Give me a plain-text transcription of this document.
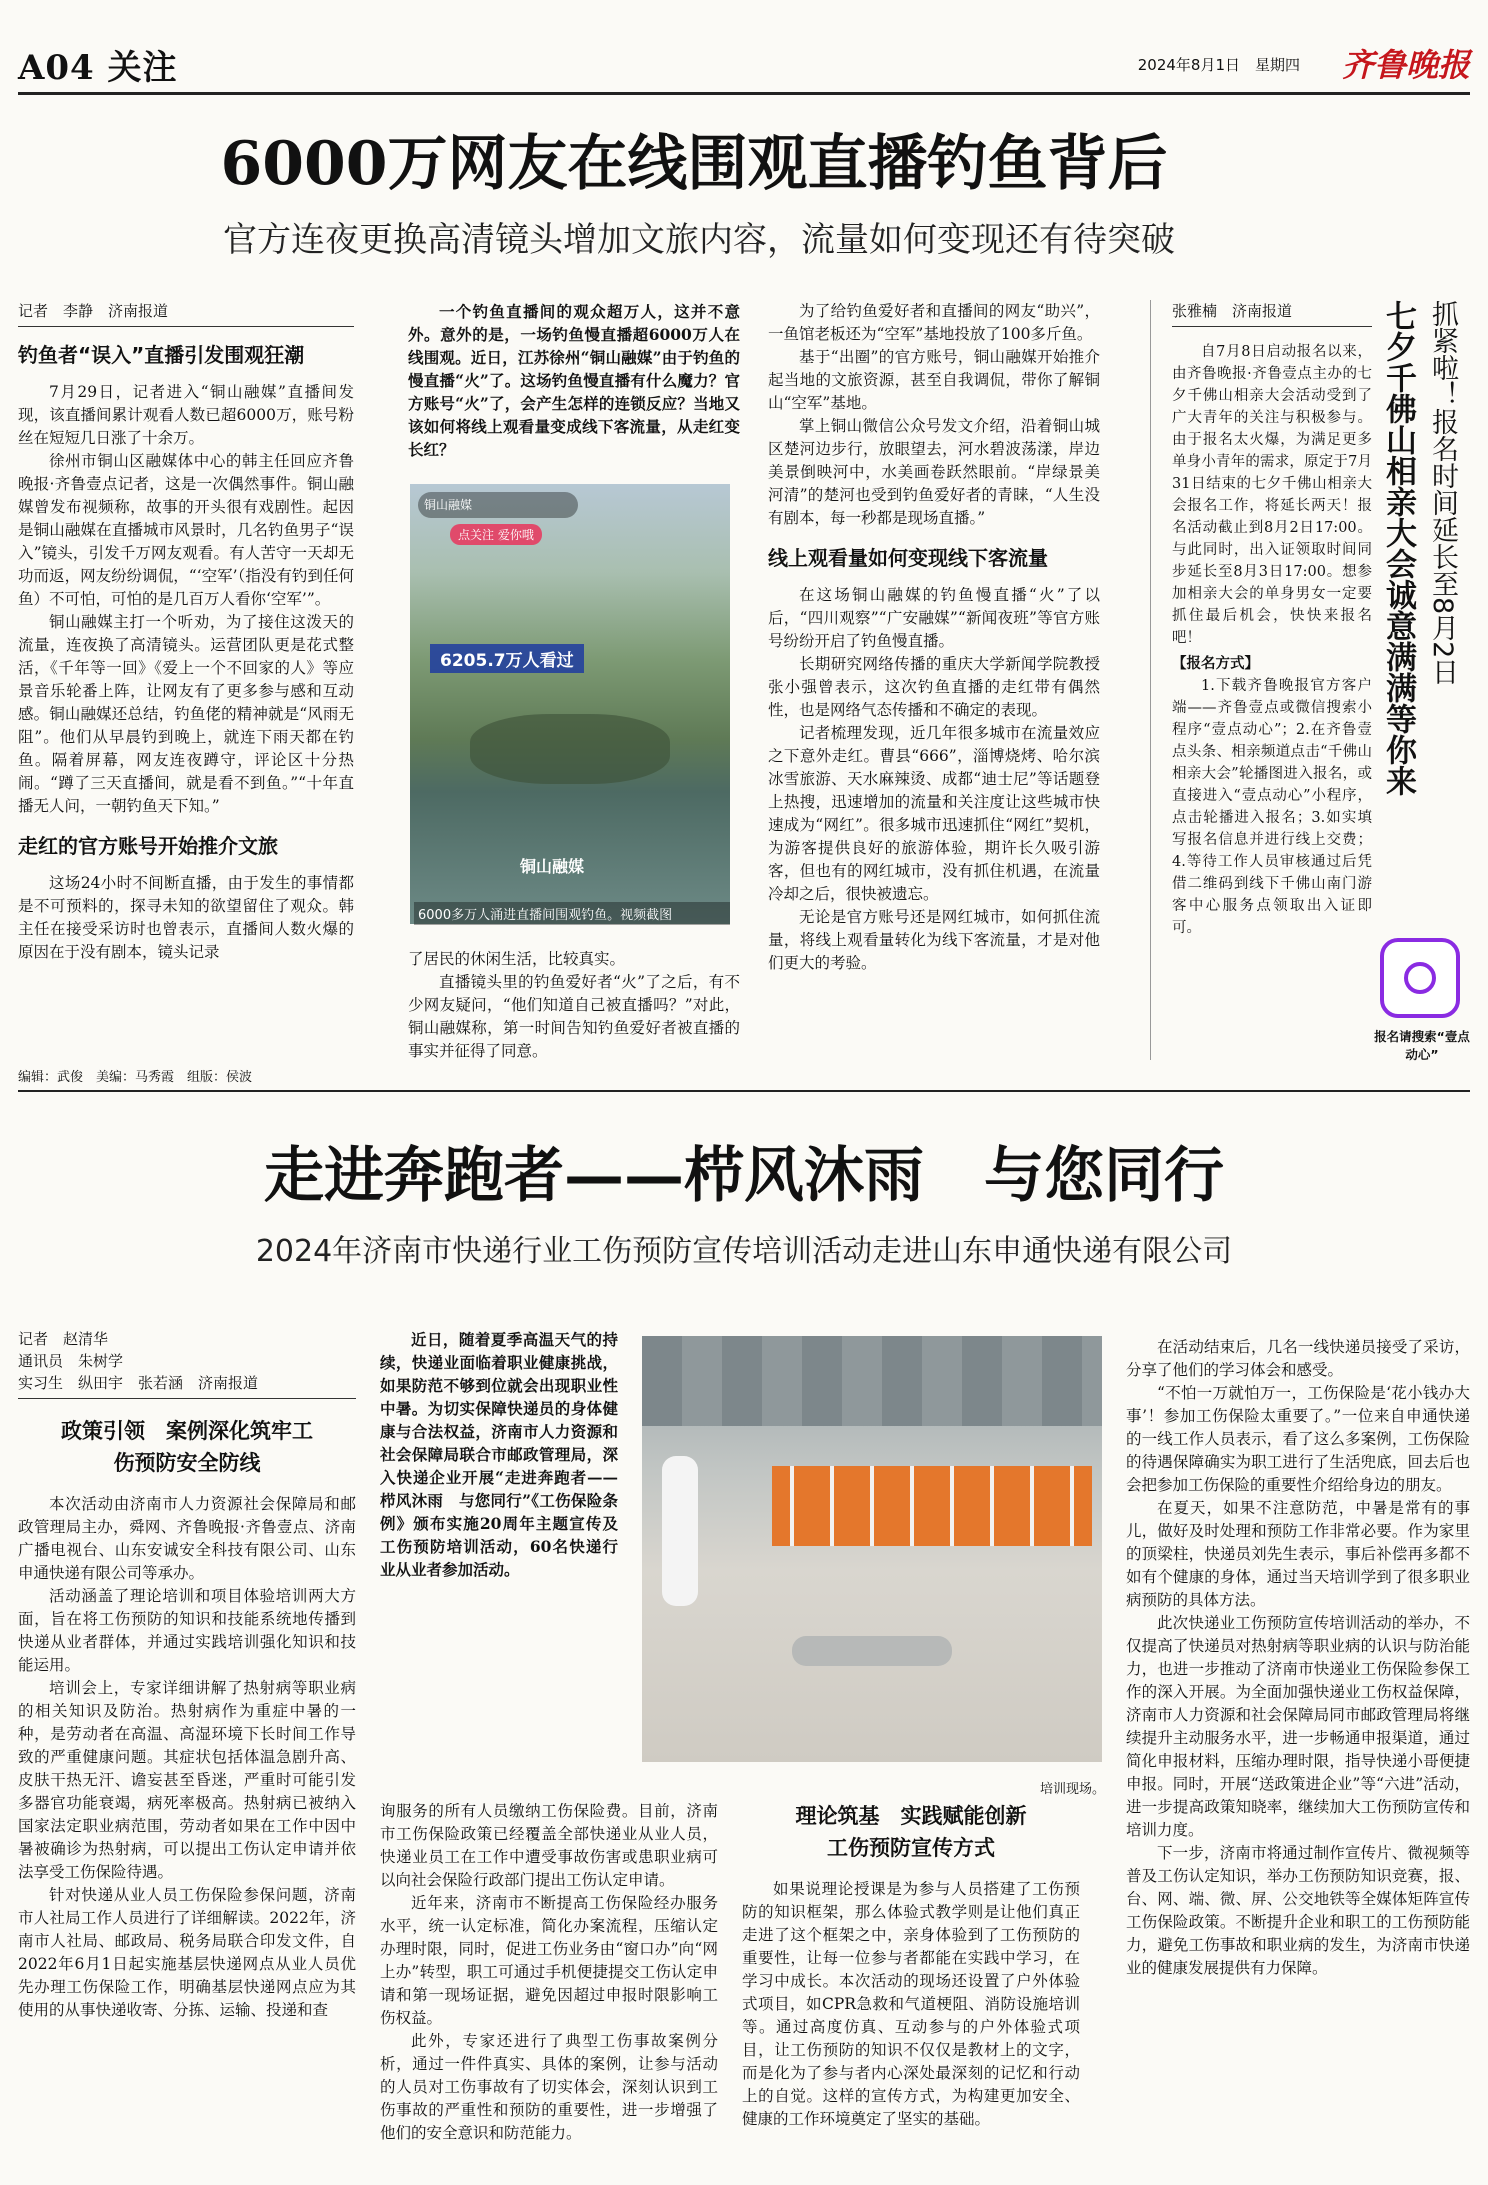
A04 关注	2024年8月1日　星期四 齐鲁晚报
6000万网友在线围观直播钓鱼背后
官方连夜更换高清镜头增加文旅内容，流量如何变现还有待突破
记者　李静　济南报道
钓鱼者“误入”直播引发围观狂潮

7月29日，记者进入“铜山融媒”直播间发现，该直播间累计观看人数已超6000万，账号粉丝在短短几日涨了十余万。

徐州市铜山区融媒体中心的韩主任回应齐鲁晚报·齐鲁壹点记者，这是一次偶然事件。铜山融媒曾发布视频称，故事的开头很有戏剧性。起因是铜山融媒在直播城市风景时，几名钓鱼男子“误入”镜头，引发千万网友观看。有人苦守一天却无功而返，网友纷纷调侃，“‘空军’（指没有钓到任何鱼）不可怕，可怕的是几百万人看你‘空军’”。

铜山融媒主打一个听劝，为了接住这泼天的流量，连夜换了高清镜头。运营团队更是花式整活，《千年等一回》《爱上一个不回家的人》等应景音乐轮番上阵，让网友有了更多参与感和互动感。铜山融媒还总结，钓鱼佬的精神就是“风雨无阻”。他们从早晨钓到晚上，就连下雨天都在钓鱼。隔着屏幕，网友连夜蹲守，评论区十分热闹。“蹲了三天直播间，就是看不到鱼。”“十年直播无人问，一朝钓鱼天下知。”

走红的官方账号开始推介文旅

这场24小时不间断直播，由于发生的事情都是不可预料的，探寻未知的欲望留住了观众。韩主任在接受采访时也曾表示，直播间人数火爆的原因在于没有剧本，镜头记录

一个钓鱼直播间的观众超万人，这并不意外。意外的是，一场钓鱼慢直播超6000万人在线围观。近日，江苏徐州“铜山融媒”由于钓鱼的慢直播“火”了。这场钓鱼慢直播有什么魔力？官方账号“火”了，会产生怎样的连锁反应？当地又该如何将线上观看量变成线下客流量，从走红变长红？

铜山融媒
点关注 爱你哦
6205.7万人看过
铜山融媒
6000多万人涌进直播间围观钓鱼。视频截图

了居民的休闲生活，比较真实。

直播镜头里的钓鱼爱好者“火”了之后，有不少网友疑问，“他们知道自己被直播吗？”对此，铜山融媒称，第一时间告知钓鱼爱好者被直播的事实并征得了同意。

为了给钓鱼爱好者和直播间的网友“助兴”，一鱼馆老板还为“空军”基地投放了100多斤鱼。

基于“出圈”的官方账号，铜山融媒开始推介起当地的文旅资源，甚至自我调侃，带你了解铜山“空军”基地。

掌上铜山微信公众号发文介绍，沿着铜山城区楚河边步行，放眼望去，河水碧波荡漾，岸边美景倒映河中，水美画卷跃然眼前。“岸绿景美河清”的楚河也受到钓鱼爱好者的青睐，“人生没有剧本，每一秒都是现场直播。”

线上观看量如何变现线下客流量

在这场铜山融媒的钓鱼慢直播“火”了以后，“四川观察”“广安融媒”“新闻夜班”等官方账号纷纷开启了钓鱼慢直播。

长期研究网络传播的重庆大学新闻学院教授张小强曾表示，这次钓鱼直播的走红带有偶然性，也是网络气态传播和不确定的表现。

记者梳理发现，近几年很多城市在流量效应之下意外走红。曹县“666”，淄博烧烤、哈尔滨冰雪旅游、天水麻辣烫、成都“迪士尼”等话题登上热搜，迅速增加的流量和关注度让这些城市快速成为“网红”。很多城市迅速抓住“网红”契机，为游客提供良好的旅游体验，期许长久吸引游客，但也有的网红城市，没有抓住机遇，在流量冷却之后，很快被遗忘。

无论是官方账号还是网红城市，如何抓住流量，将线上观看量转化为线下客流量，才是对他们更大的考验。

张雅楠　济南报道

自7月8日启动报名以来，由齐鲁晚报·齐鲁壹点主办的七夕千佛山相亲大会活动受到了广大青年的关注与积极参与。由于报名太火爆，为满足更多单身小青年的需求，原定于7月31日结束的七夕千佛山相亲大会报名工作，将延长两天！报名活动截止到8月2日17:00。与此同时，出入证领取时间同步延长至8月3日17:00。想参加相亲大会的单身男女一定要抓住最后机会，快快来报名吧！

【报名方式】

1.下载齐鲁晚报官方客户端——齐鲁壹点或微信搜索小程序“壹点动心”；2.在齐鲁壹点头条、相亲频道点击“千佛山相亲大会”轮播图进入报名，或直接进入“壹点动心”小程序，点击轮播进入报名；3.如实填写报名信息并进行线上交费；4.等待工作人员审核通过后凭借二维码到线下千佛山南门游客中心服务点领取出入证即可。

七夕千佛山相亲大会诚意满满等你来 抓紧啦！报名时间延长至8月2日
报名请搜索“壹点动心”
编辑：武俊　美编：马秀霞　组版：侯波
走进奔跑者——栉风沐雨　与您同行
2024年济南市快递行业工伤预防宣传培训活动走进山东申通快递有限公司
记者　赵清华
通讯员　朱树学
实习生　纵田宇　张若涵　济南报道
政策引领　案例深化筑牢工伤预防安全防线

本次活动由济南市人力资源社会保障局和邮政管理局主办，舜网、齐鲁晚报·齐鲁壹点、济南广播电视台、山东安诚安全科技有限公司、山东申通快递有限公司等承办。

活动涵盖了理论培训和项目体验培训两大方面，旨在将工伤预防的知识和技能系统地传播到快递从业者群体，并通过实践培训强化知识和技能运用。

培训会上，专家详细讲解了热射病等职业病的相关知识及防治。热射病作为重症中暑的一种，是劳动者在高温、高湿环境下长时间工作导致的严重健康问题。其症状包括体温急剧升高、皮肤干热无汗、谵妄甚至昏迷，严重时可能引发多器官功能衰竭，病死率极高。热射病已被纳入国家法定职业病范围，劳动者如果在工作中因中暑被确诊为热射病，可以提出工伤认定申请并依法享受工伤保险待遇。

针对快递从业人员工伤保险参保问题，济南市人社局工作人员进行了详细解读。2022年，济南市人社局、邮政局、税务局联合印发文件，自2022年6月1日起实施基层快递网点从业人员优先办理工伤保险工作，明确基层快递网点应为其使用的从事快递收寄、分拣、运输、投递和查

近日，随着夏季高温天气的持续，快递业面临着职业健康挑战，如果防范不够到位就会出现职业性中暑。为切实保障快递员的身体健康与合法权益，济南市人力资源和社会保障局联合市邮政管理局，深入快递企业开展“走进奔跑者——栉风沐雨　与您同行”《工伤保险条例》颁布实施20周年主题宣传及工伤预防培训活动，60名快递行业从业者参加活动。

培训现场。

询服务的所有人员缴纳工伤保险费。目前，济南市工伤保险政策已经覆盖全部快递业从业人员，快递业员工在工作中遭受事故伤害或患职业病可以向社会保险行政部门提出工伤认定申请。

近年来，济南市不断提高工伤保险经办服务水平，统一认定标准，简化办案流程，压缩认定办理时限，同时，促进工伤业务由“窗口办”向“网上办”转型，职工可通过手机便捷提交工伤认定申请和第一现场证据，避免因超过申报时限影响工伤权益。

此外，专家还进行了典型工伤事故案例分析，通过一件件真实、具体的案例，让参与活动的人员对工伤事故有了切实体会，深刻认识到工伤事故的严重性和预防的重要性，进一步增强了他们的安全意识和防范能力。

理论筑基　实践赋能创新工伤预防宣传方式

如果说理论授课是为参与人员搭建了工伤预防的知识框架，那么体验式教学则是让他们真正走进了这个框架之中，亲身体验到了工伤预防的重要性，让每一位参与者都能在实践中学习，在学习中成长。本次活动的现场还设置了户外体验式项目，如CPR急救和气道梗阻、消防设施培训等。通过高度仿真、互动参与的户外体验式项目，让工伤预防的知识不仅仅是教材上的文字，而是化为了参与者内心深处最深刻的记忆和行动上的自觉。这样的宣传方式，为构建更加安全、健康的工作环境奠定了坚实的基础。

在活动结束后，几名一线快递员接受了采访，分享了他们的学习体会和感受。

“不怕一万就怕万一，工伤保险是‘花小钱办大事’！参加工伤保险太重要了。”一位来自申通快递的一线工作人员表示，看了这么多案例，工伤保险的待遇保障确实为职工进行了生活兜底，回去后也会把参加工伤保险的重要性介绍给身边的朋友。

在夏天，如果不注意防范，中暑是常有的事儿，做好及时处理和预防工作非常必要。作为家里的顶梁柱，快递员刘先生表示，事后补偿再多都不如有个健康的身体，通过当天培训学到了很多职业病预防的具体方法。

此次快递业工伤预防宣传培训活动的举办，不仅提高了快递员对热射病等职业病的认识与防治能力，也进一步推动了济南市快递业工伤保险参保工作的深入开展。为全面加强快递业工伤权益保障，济南市人力资源和社会保障局同市邮政管理局将继续提升主动服务水平，进一步畅通申报渠道，通过简化申报材料，压缩办理时限，指导快递小哥便捷申报。同时，开展“送政策进企业”等“六进”活动，进一步提高政策知晓率，继续加大工伤预防宣传和培训力度。

下一步，济南市将通过制作宣传片、微视频等普及工伤认定知识，举办工伤预防知识竞赛，报、台、网、端、微、屏、公交地铁等全媒体矩阵宣传工伤保险政策。不断提升企业和职工的工伤预防能力，避免工伤事故和职业病的发生，为济南市快递业的健康发展提供有力保障。
